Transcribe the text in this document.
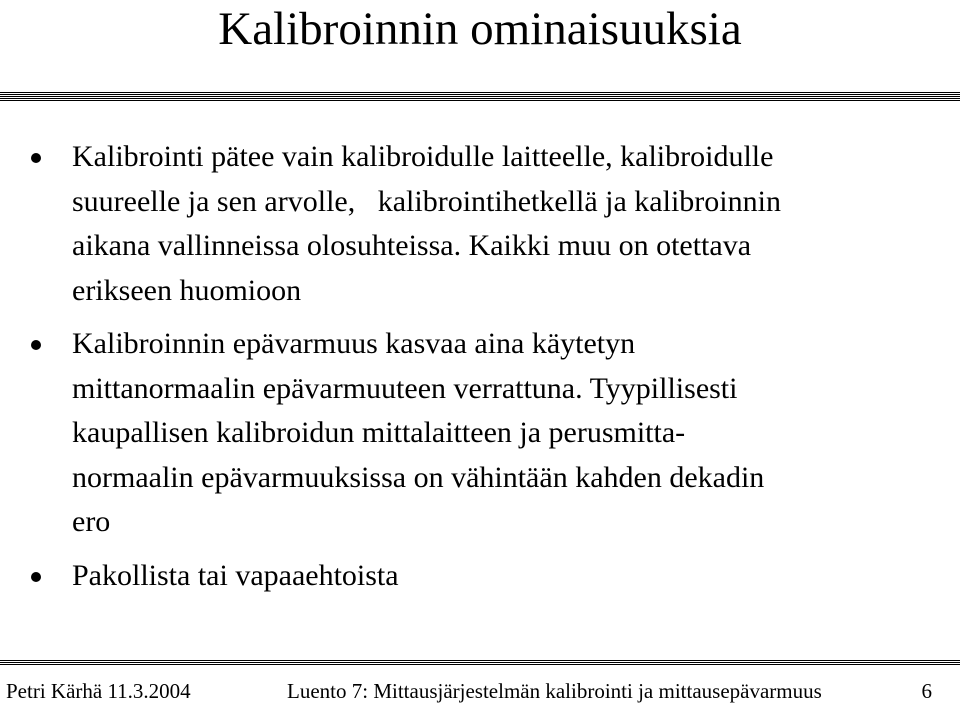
Kalibroinnin ominaisuuksia
Kalibrointi pätee vain kalibroidulle laitteelle, kalibroidulle
suureelle ja sen arvolle,   kalibrointihetkellä ja kalibroinnin
aikana vallinneissa olosuhteissa. Kaikki muu on otettava
erikseen huomioon
Kalibroinnin epävarmuus kasvaa aina käytetyn
mittanormaalin epävarmuuteen verrattuna. Tyypillisesti
kaupallisen kalibroidun mittalaitteen ja perusmitta-
normaalin epävarmuuksissa on vähintään kahden dekadin
ero
Pakollista tai vapaaehtoista
Petri Kärhä 11.3.2004	Luento 7: Mittausjärjestelmän kalibrointi ja mittausepävarmuus	6
